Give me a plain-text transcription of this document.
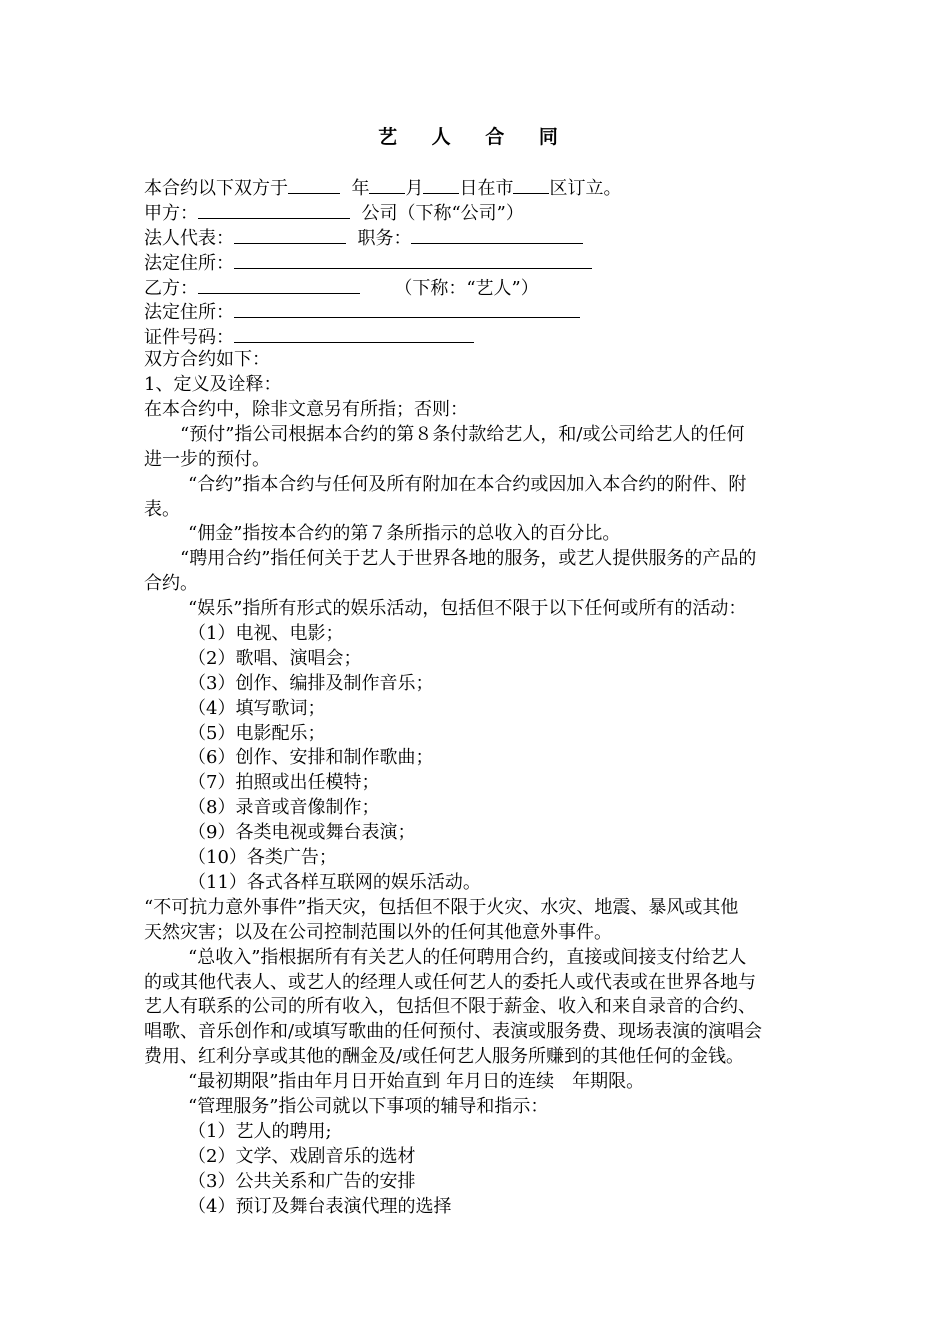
艺 人 合 同
本合约以下双方于	年 月 日在市 区订立。
甲方：	公司（下称“公司”）
法人代表：	职务：
法定住所：
乙方：	（下称：“艺人”）
法定住所：
证件号码：
双方合约如下：
1、定义及诠释：
在本合约中，除非文意另有所指；否则：
“预付”指公司根据本合约的第８条付款给艺人，和/或公司给艺人的任何
进一步的预付。
“合约”指本合约与任何及所有附加在本合约或因加入本合约的附件、附
表。
“佣金”指按本合约的第７条所指示的总收入的百分比。
“聘用合约”指任何关于艺人于世界各地的服务，或艺人提供服务的产品的
合约。
“娱乐”指所有形式的娱乐活动，包括但不限于以下任何或所有的活动：
（1）电视、电影；
（2）歌唱、演唱会；
（3）创作、编排及制作音乐；
（4）填写歌词；
（5）电影配乐；
（6）创作、安排和制作歌曲；
（7）拍照或出任模特；
（8）录音或音像制作；
（9）各类电视或舞台表演；
（10）各类广告；
（11）各式各样互联网的娱乐活动。
“不可抗力意外事件”指天灾，包括但不限于火灾、水灾、地震、暴风或其他
天然灾害；以及在公司控制范围以外的任何其他意外事件。
“总收入”指根据所有有关艺人的任何聘用合约，直接或间接支付给艺人
的或其他代表人、或艺人的经理人或任何艺人的委托人或代表或在世界各地与
艺人有联系的公司的所有收入，包括但不限于薪金、收入和来自录音的合约、
唱歌、音乐创作和/或填写歌曲的任何预付、表演或服务费、现场表演的演唱会
费用、红利分享或其他的酬金及/或任何艺人服务所赚到的其他任何的金钱。
“最初期限”指由年月日开始直到 年月日的连续　年期限。
“管理服务”指公司就以下事项的辅导和指示：
（1）艺人的聘用;
（2）文学、戏剧音乐的选材
（3）公共关系和广告的安排
（4）预订及舞台表演代理的选择
